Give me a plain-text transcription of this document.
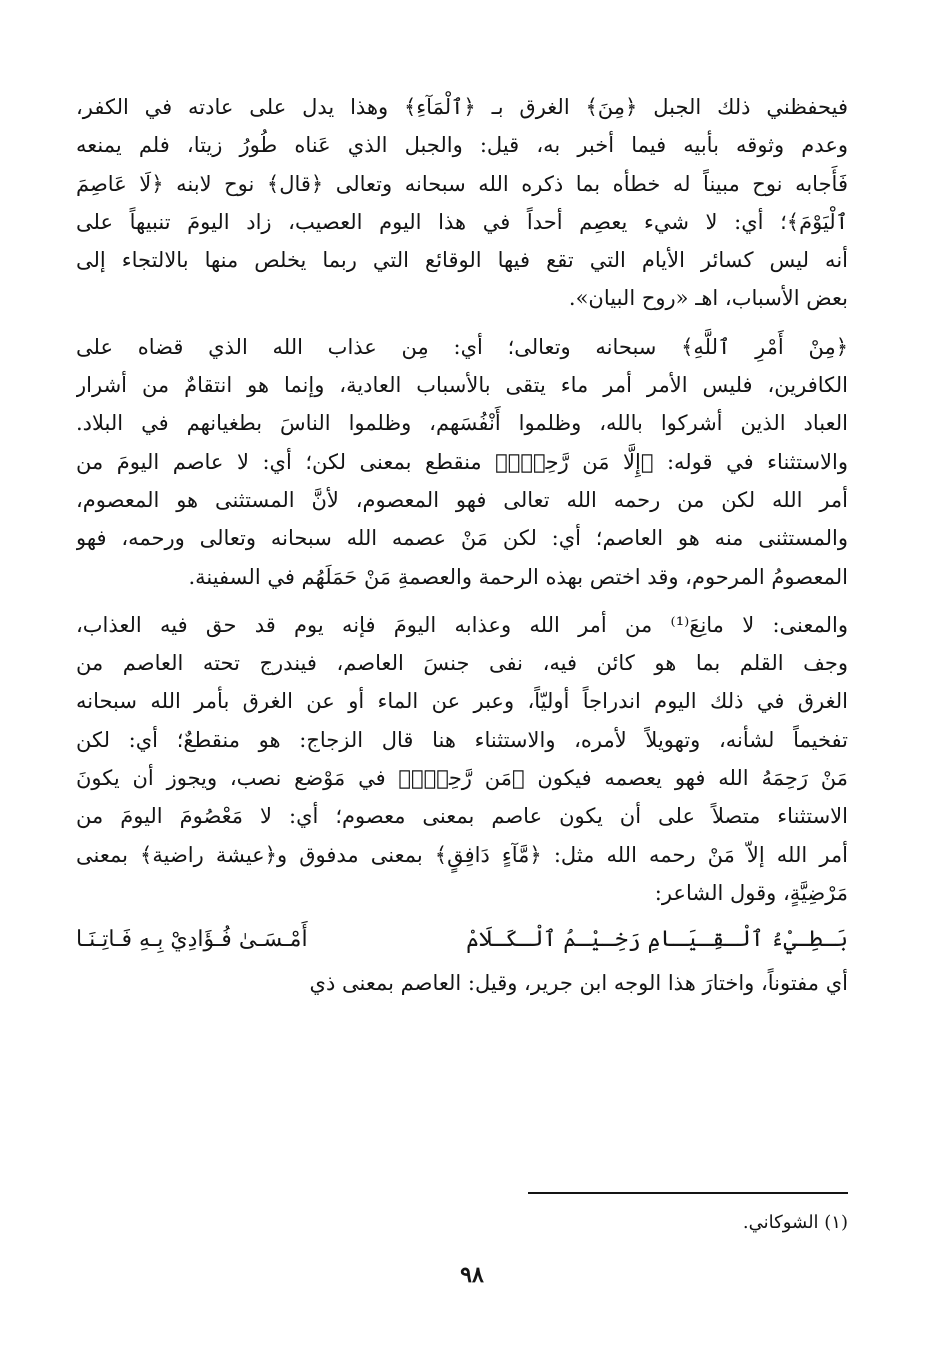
فيحفظني ذلك الجبل ﴿مِنَ﴾ الغرق بـ ﴿ٱلْمَآءِ﴾ وهذا يدل على عادته في الكفر،
وعدم وثوقه بأبيه فيما أخبر به، قيل: والجبل الذي عَناه طُورُ زيتا، فلم يمنعه
فَأَجابه نوح مبيناً له خطأه بما ذكره الله سبحانه وتعالى ﴿قال﴾ نوح لابنه ﴿لَا عَاصِمَ
ٱلْيَوْمَ﴾؛ أي: لا شيء يعصِم أحداً في هذا اليوم العصيب، زاد اليومَ تنبيهاً على
أنه ليس كسائر الأيام التي تقع فيها الوقائع التي ربما يخلص منها بالالتجاء إلى
بعض الأسباب، اهـ «روح البيان».
﴿مِنْ أَمْرِ ٱللَّهِ﴾ سبحانه وتعالى؛ أي: مِن عذاب الله الذي قضاه على
الكافرين، فليس الأمر أمر ماء يتقى بالأسباب العادية، وإنما هو انتقامٌ من أشرار
العباد الذين أشركوا بالله، وظلموا أَنْفُسَهم، وظلموا الناسَ بطغيانهم في البلاد.
والاستثناء في قوله: ﴿إِلَّا مَن رَّحِمَۚ﴾ منقطع بمعنى لكن؛ أي: لا عاصم اليومَ من
أمر الله لكن من رحمه الله تعالى فهو المعصوم، لأنَّ المستثنى هو المعصوم،
والمستثنى منه هو العاصم؛ أي: لكن مَنْ عصمه الله سبحانه وتعالى ورحمه، فهو
المعصومُ المرحوم، وقد اختص بهذه الرحمة والعصمةِ مَنْ حَمَلَهُم في السفينة.
والمعنى: لا مانِعَ⁽¹⁾ من أمر الله وعذابه اليومَ فإنه يوم قد حق فيه العذاب،
وجف القلم بما هو كائن فيه، نفى جنسَ العاصم، فيندرج تحته العاصم من
الغرق في ذلك اليوم اندراجاً أوليّاً، وعبر عن الماء أو عن الغرق بأمر الله سبحانه
تفخيماً لشأنه، وتهويلاً لأمره، والاستثناء هنا قال الزجاج: هو منقطعٌ؛ أي: لكن
مَنْ رَحِمَهُ الله فهو يعصمه فيكون ﴿مَن رَّحِمَۚ﴾ في مَوْضع نصب، ويجوز أن يكونَ
الاستثناء متصلاً على أن يكون عاصم بمعنى معصوم؛ أي: لا مَعْصُومَ اليومَ من
أمر الله إلاّ مَنْ رحمه الله مثل: ﴿مَّآءٍ دَافِقٍ﴾ بمعنى مدفوق و﴿عيشة راضية﴾ بمعنى
مَرْضِيَّةٍ، وقول الشاعر:
بَـطِـيْءُ ٱلْـقِـيَـامِ رَخِـيْـمُ ٱلْـكَـلَامْ
أَمْـسَـىٰ فُـؤَادِيْ بِـهِ فَـاتِـنَـا
أي مفتوناً، واختارَ هذا الوجه ابن جرير، وقيل: العاصم بمعنى ذي
(١) الشوكاني.
٩٨
